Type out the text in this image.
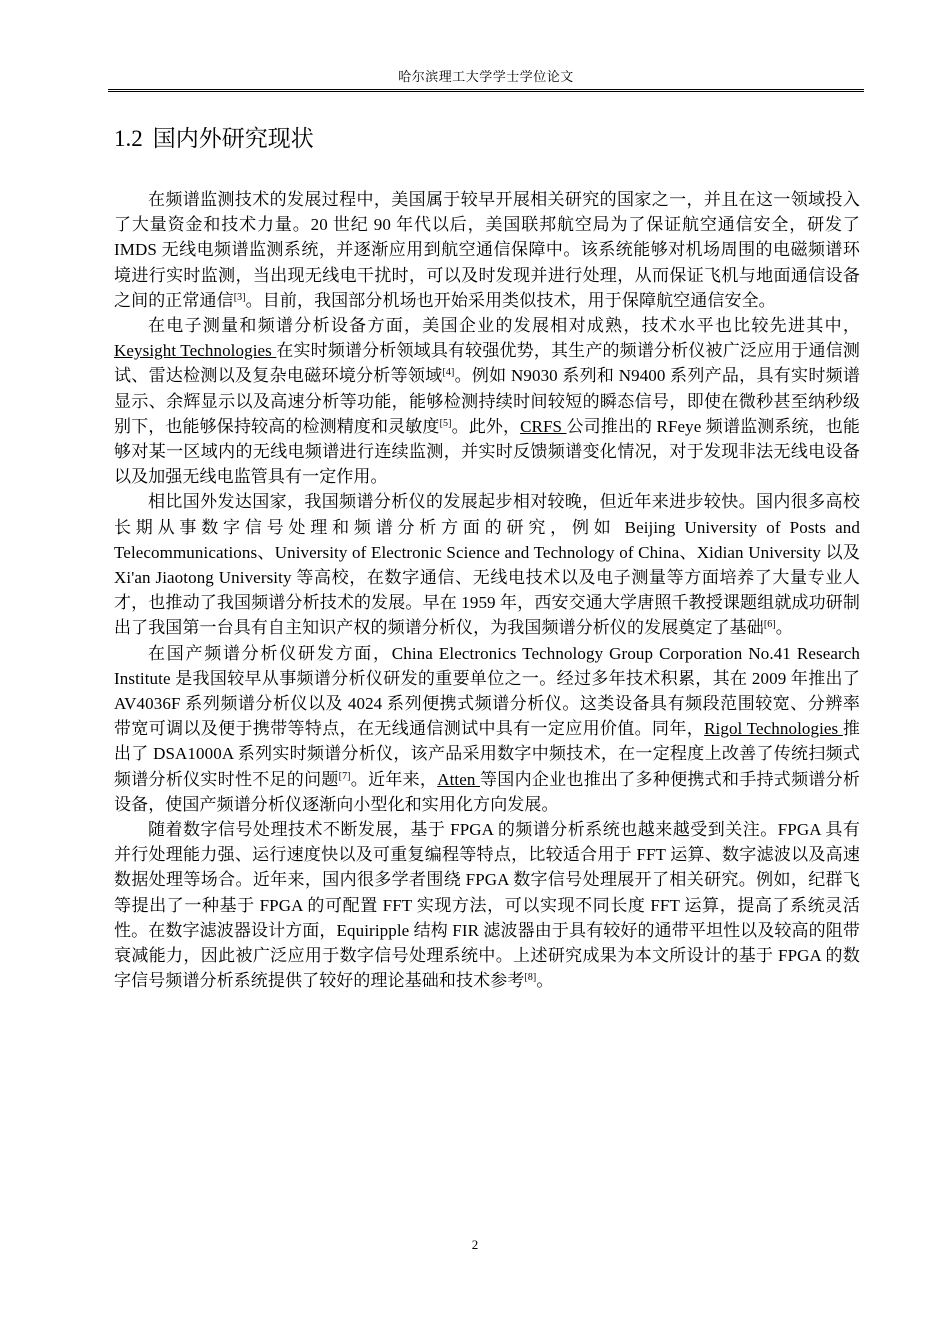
哈尔滨理工大学学士学位论文
1.2 国内外研究现状

在频谱监测技术的发展过程中，美国属于较早开展相关研究的国家之一，并且在这一领域投入了大量资金和技术力量。20 世纪 90 年代以后，美国联邦航空局为了保证航空通信安全，研发了 IMDS 无线电频谱监测系统，并逐渐应用到航空通信保障中。该系统能够对机场周围的电磁频谱环境进行实时监测，当出现无线电干扰时，可以及时发现并进行处理，从而保证飞机与地面通信设备之间的正常通信[3]。目前，我国部分机场也开始采用类似技术，用于保障航空通信安全。

在电子测量和频谱分析设备方面，美国企业的发展相对成熟，技术水平也比较先进其中，Keysight Technologies 在实时频谱分析领域具有较强优势，其生产的频谱分析仪被广泛应用于通信测试、雷达检测以及复杂电磁环境分析等领域[4]。例如 N9030 系列和 N9400 系列产品，具有实时频谱显示、余辉显示以及高速分析等功能，能够检测持续时间较短的瞬态信号，即使在微秒甚至纳秒级别下，也能够保持较高的检测精度和灵敏度[5]。此外，CRFS 公司推出的 RFeye 频谱监测系统，也能够对某一区域内的无线电频谱进行连续监测，并实时反馈频谱变化情况，对于发现非法无线电设备以及加强无线电监管具有一定作用。

相比国外发达国家，我国频谱分析仪的发展起步相对较晚，但近年来进步较快。国内很多高校长期从事数字信号处理和频谱分析方面的研究，例如 Beijing University of Posts and Telecommunications、University of Electronic Science and Technology of China、Xidian University 以及 Xi'an Jiaotong University 等高校，在数字通信、无线电技术以及电子测量等方面培养了大量专业人才，也推动了我国频谱分析技术的发展。早在 1959 年，西安交通大学唐照千教授课题组就成功研制出了我国第一台具有自主知识产权的频谱分析仪，为我国频谱分析仪的发展奠定了基础[6]。

在国产频谱分析仪研发方面，China Electronics Technology Group Corporation No.41 Research Institute 是我国较早从事频谱分析仪研发的重要单位之一。经过多年技术积累，其在 2009 年推出了 AV4036F 系列频谱分析仪以及 4024 系列便携式频谱分析仪。这类设备具有频段范围较宽、分辨率带宽可调以及便于携带等特点，在无线通信测试中具有一定应用价值。同年，Rigol Technologies 推出了 DSA1000A 系列实时频谱分析仪，该产品采用数字中频技术，在一定程度上改善了传统扫频式频谱分析仪实时性不足的问题[7]。近年来，Atten 等国内企业也推出了多种便携式和手持式频谱分析设备，使国产频谱分析仪逐渐向小型化和实用化方向发展。

随着数字信号处理技术不断发展，基于 FPGA 的频谱分析系统也越来越受到关注。FPGA 具有并行处理能力强、运行速度快以及可重复编程等特点，比较适合用于 FFT 运算、数字滤波以及高速数据处理等场合。近年来，国内很多学者围绕 FPGA 数字信号处理展开了相关研究。例如，纪群飞等提出了一种基于 FPGA 的可配置 FFT 实现方法，可以实现不同长度 FFT 运算，提高了系统灵活性。在数字滤波器设计方面，Equiripple 结构 FIR 滤波器由于具有较好的通带平坦性以及较高的阻带衰减能力，因此被广泛应用于数字信号处理系统中。上述研究成果为本文所设计的基于 FPGA 的数字信号频谱分析系统提供了较好的理论基础和技术参考[8]。

2
